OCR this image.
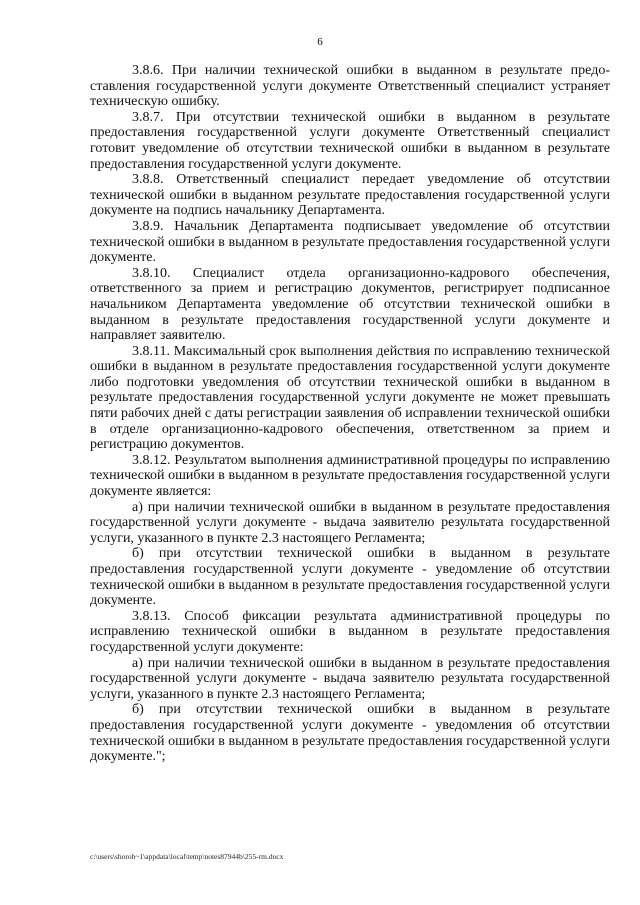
6

3.8.6. При наличии технической ошибки в выданном в результате предоставления государственной услуги документе Ответственный специалист устраняет техническую ошибку.

3.8.7. При отсутствии технической ошибки в выданном в результате предоставления государственной услуги документе Ответственный специалист готовит уведомление об отсутствии технической ошибки в выданном в результате предоставления государственной услуги документе.

3.8.8. Ответственный специалист передает уведомление об отсутствии технической ошибки в выданном результате предоставления государственной услуги документе на подпись начальнику Департамента.

3.8.9. Начальник Департамента подписывает уведомление об отсутствии технической ошибки в выданном в результате предоставления государственной услуги документе.

3.8.10. Специалист отдела организационно-кадрового обеспечения, ответственного за прием и регистрацию документов, регистрирует подписанное начальником Департамента уведомление об отсутствии технической ошибки в выданном в результате предоставления государственной услуги документе и направляет заявителю.

3.8.11. Максимальный срок выполнения действия по исправлению технической ошибки в выданном в результате предоставления государственной услуги документе либо подготовки уведомления об отсутствии технической ошибки в выданном в результате предоставления государственной услуги документе не может превышать пяти рабочих дней с даты регистрации заявления об исправлении технической ошибки в отделе организационно-кадрового обеспечения, ответственном за прием и регистрацию документов.

3.8.12. Результатом выполнения административной процедуры по исправлению технической ошибки в выданном в результате предоставления государственной услуги документе является:

а) при наличии технической ошибки в выданном в результате предоставления государственной услуги документе - выдача заявителю результата государственной услуги, указанного в пункте 2.3 настоящего Регламента;

б) при отсутствии технической ошибки в выданном в результате предоставления государственной услуги документе - уведомление об отсутствии технической ошибки в выданном в результате предоставления государственной услуги документе.

3.8.13. Способ фиксации результата административной процедуры по исправлению технической ошибки в выданном в результате предоставления государственной услуги документе:

а) при наличии технической ошибки в выданном в результате предоставления государственной услуги документе - выдача заявителю результата государственной услуги, указанного в пункте 2.3 настоящего Регламента;

б) при отсутствии технической ошибки в выданном в результате предоставления государственной услуги документе - уведомления об отсутствии технической ошибки в выданном в результате предоставления государственной услуги документе.";

c:\users\shoroh~1\appdata\local\temp\notes87944b\255-rm.docx
